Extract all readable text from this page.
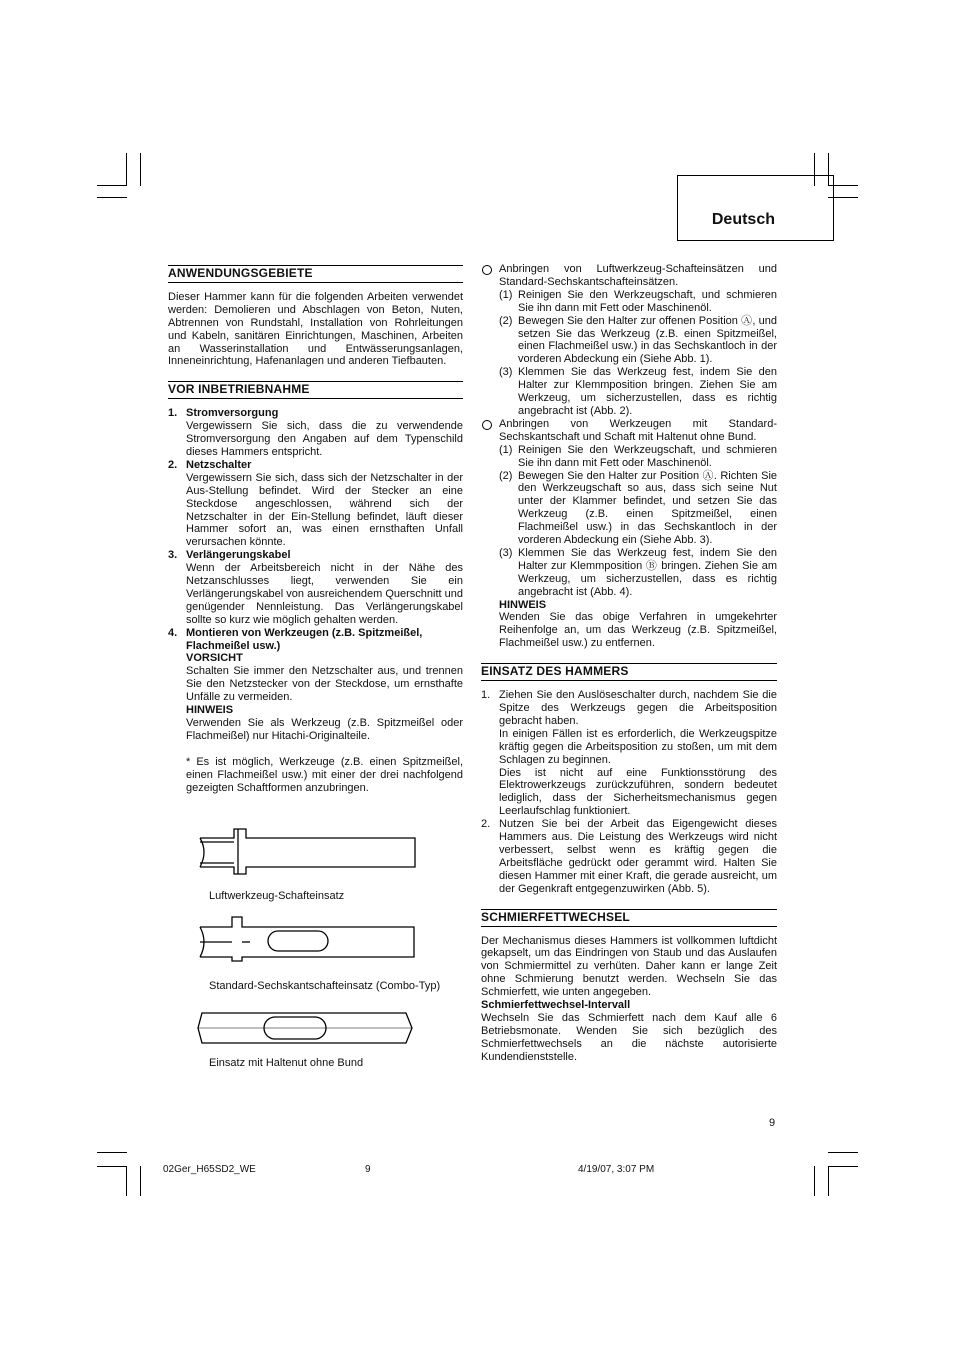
Deutsch
ANWENDUNGSGEBIETE

Dieser Hammer kann für die folgenden Arbeiten verwendet werden: Demolieren und Abschlagen von Beton, Nuten, Abtrennen von Rundstahl, Installation von Rohrleitungen und Kabeln, sanitären Einrichtungen, Maschinen, Arbeiten an Wasserinstallation und Entwässerungsanlagen, Inneneinrichtung, Hafenanlagen und anderen Tiefbauten.

VOR INBETRIEBNAHME
1. Stromversorgung

Vergewissern Sie sich, dass die zu verwendende Stromversorgung den Angaben auf dem Typenschild dieses Hammers entspricht.

2. Netzschalter

Vergewissern Sie sich, dass sich der Netzschalter in der Aus-Stellung befindet. Wird der Stecker an eine Steckdose angeschlossen, während sich der Netzschalter in der Ein-Stellung befindet, läuft dieser Hammer sofort an, was einen ernsthaften Unfall verursachen könnte.

3. Verlängerungskabel

Wenn der Arbeitsbereich nicht in der Nähe des Netzanschlusses liegt, verwenden Sie ein Verlängerungskabel von ausreichendem Querschnitt und genügender Nennleistung. Das Verlängerungskabel sollte so kurz wie möglich gehalten werden.

4. Montieren von Werkzeugen (z.B. Spitzmeißel, Flachmeißel usw.)
VORSICHT

Schalten Sie immer den Netzschalter aus, und trennen Sie den Netzstecker von der Steckdose, um ernsthafte Unfälle zu vermeiden.

HINWEIS

Verwenden Sie als Werkzeug (z.B. Spitzmeißel oder Flachmeißel) nur Hitachi-Originalteile.

* Es ist möglich, Werkzeuge (z.B. einen Spitzmeißel, einen Flachmeißel usw.) mit einer der drei nachfolgend gezeigten Schaftformen anzubringen.

Luftwerkzeug-Schafteinsatz
Standard-Sechskantschafteinsatz (Combo-Typ)
Einsatz mit Haltenut ohne Bund

Anbringen von Luftwerkzeug-Schafteinsätzen und Standard-Sechskantschafteinsätzen.

(1) Reinigen Sie den Werkzeugschaft, und schmieren Sie ihn dann mit Fett oder Maschinenöl.

(2) Bewegen Sie den Halter zur offenen Position Ⓐ, und setzen Sie das Werkzeug (z.B. einen Spitzmeißel, einen Flachmeißel usw.) in das Sechskantloch in der vorderen Abdeckung ein (Siehe Abb. 1).

(3) Klemmen Sie das Werkzeug fest, indem Sie den Halter zur Klemmposition bringen. Ziehen Sie am Werkzeug, um sicherzustellen, dass es richtig angebracht ist (Abb. 2).

Anbringen von Werkzeugen mit Standard-Sechskantschaft und Schaft mit Haltenut ohne Bund.

(1) Reinigen Sie den Werkzeugschaft, und schmieren Sie ihn dann mit Fett oder Maschinenöl.

(2) Bewegen Sie den Halter zur Position Ⓐ. Richten Sie den Werkzeugschaft so aus, dass sich seine Nut unter der Klammer befindet, und setzen Sie das Werkzeug (z.B. einen Spitzmeißel, einen Flachmeißel usw.) in das Sechskantloch in der vorderen Abdeckung ein (Siehe Abb. 3).

(3) Klemmen Sie das Werkzeug fest, indem Sie den Halter zur Klemmposition Ⓑ bringen. Ziehen Sie am Werkzeug, um sicherzustellen, dass es richtig angebracht ist (Abb. 4).

HINWEIS

Wenden Sie das obige Verfahren in umgekehrter Reihenfolge an, um das Werkzeug (z.B. Spitzmeißel, Flachmeißel usw.) zu entfernen.

EINSATZ DES HAMMERS
1. Ziehen Sie den Auslöseschalter durch, nachdem Sie die Spitze des Werkzeugs gegen die Arbeitsposition gebracht haben.

In einigen Fällen ist es erforderlich, die Werkzeugspitze kräftig gegen die Arbeitsposition zu stoßen, um mit dem Schlagen zu beginnen.

Dies ist nicht auf eine Funktionsstörung des Elektrowerkzeugs zurückzuführen, sondern bedeutet lediglich, dass der Sicherheitsmechanismus gegen Leerlaufschlag funktioniert.

2. Nutzen Sie bei der Arbeit das Eigengewicht dieses Hammers aus. Die Leistung des Werkzeugs wird nicht verbessert, selbst wenn es kräftig gegen die Arbeitsfläche gedrückt oder gerammt wird. Halten Sie diesen Hammer mit einer Kraft, die gerade ausreicht, um der Gegenkraft entgegenzuwirken (Abb. 5).

SCHMIERFETTWECHSEL

Der Mechanismus dieses Hammers ist vollkommen luftdicht gekapselt, um das Eindringen von Staub und das Auslaufen von Schmiermittel zu verhüten. Daher kann er lange Zeit ohne Schmierung benutzt werden. Wechseln Sie das Schmierfett, wie unten angegeben.

Schmierfettwechsel-Intervall

Wechseln Sie das Schmierfett nach dem Kauf alle 6 Betriebsmonate. Wenden Sie sich bezüglich des Schmierfettwechsels an die nächste autorisierte Kundendienststelle.

9
02Ger_H65SD2_WE	9	4/19/07, 3:07 PM
